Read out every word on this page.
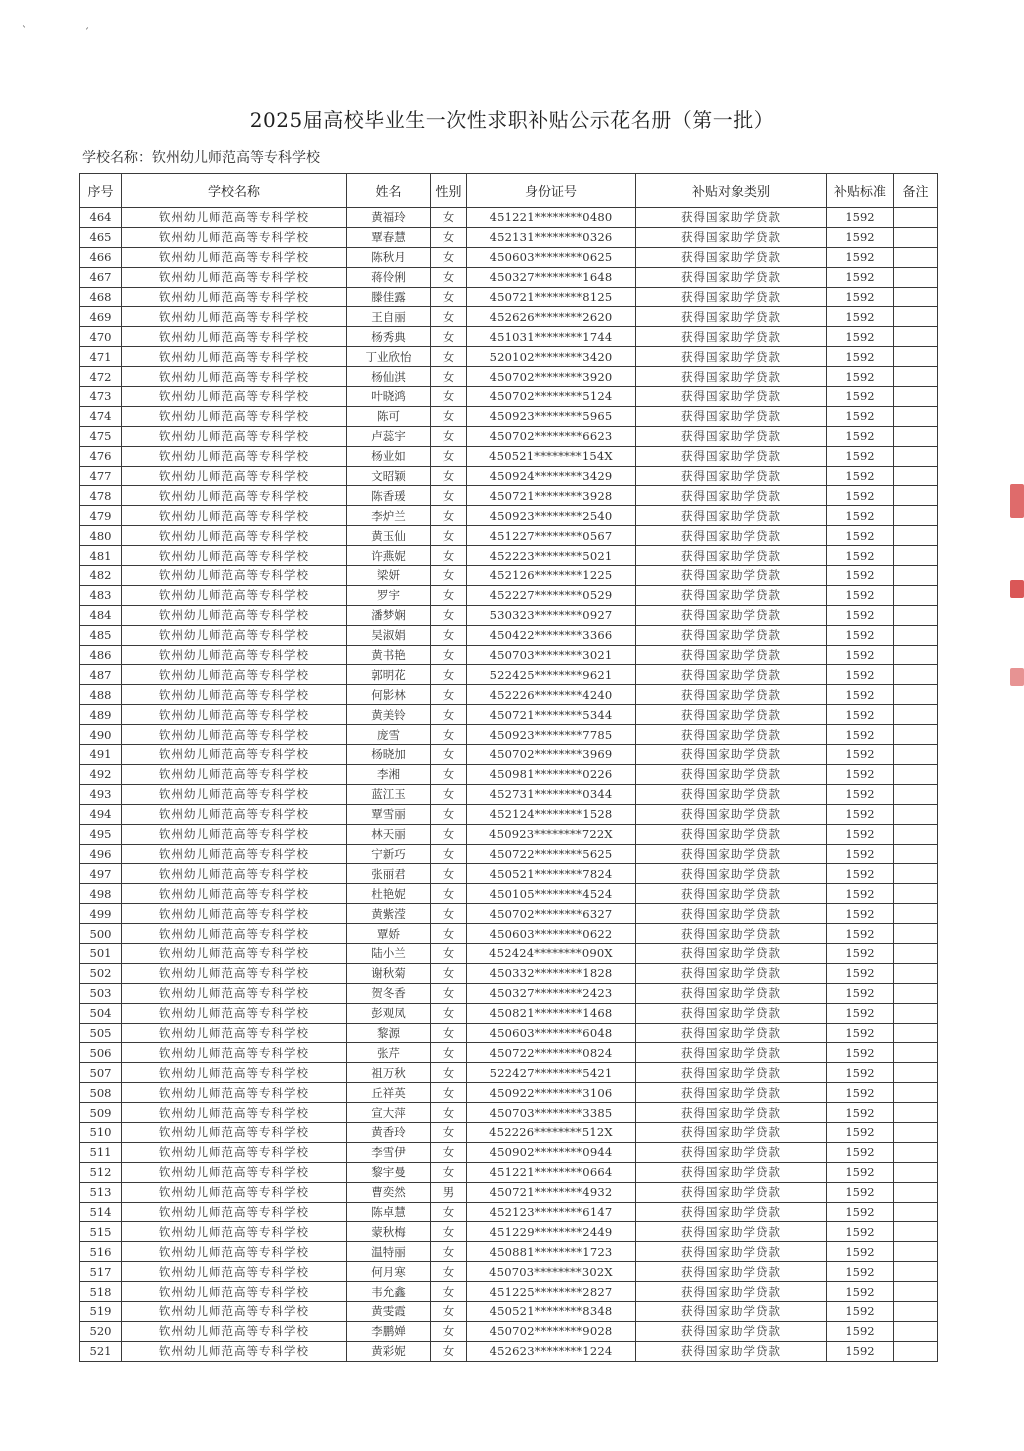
ˋ	ˊ
2025届高校毕业生一次性求职补贴公示花名册（第一批）
学校名称：钦州幼儿师范高等专科学校
序号	学校名称	姓名	性别	身份证号	补贴对象类别	补贴标准	备注
464	钦州幼儿师范高等专科学校	黄福玲	女	451221********0480	获得国家助学贷款	1592	
465	钦州幼儿师范高等专科学校	覃春慧	女	452131********0326	获得国家助学贷款	1592	
466	钦州幼儿师范高等专科学校	陈秋月	女	450603********0625	获得国家助学贷款	1592	
467	钦州幼儿师范高等专科学校	蒋伶俐	女	450327********1648	获得国家助学贷款	1592	
468	钦州幼儿师范高等专科学校	滕佳露	女	450721********8125	获得国家助学贷款	1592	
469	钦州幼儿师范高等专科学校	王自丽	女	452626********2620	获得国家助学贷款	1592	
470	钦州幼儿师范高等专科学校	杨秀典	女	451031********1744	获得国家助学贷款	1592	
471	钦州幼儿师范高等专科学校	丁业欣怡	女	520102********3420	获得国家助学贷款	1592	
472	钦州幼儿师范高等专科学校	杨仙淇	女	450702********3920	获得国家助学贷款	1592	
473	钦州幼儿师范高等专科学校	叶晓鸿	女	450702********5124	获得国家助学贷款	1592	
474	钦州幼儿师范高等专科学校	陈可	女	450923********5965	获得国家助学贷款	1592	
475	钦州幼儿师范高等专科学校	卢蕊宇	女	450702********6623	获得国家助学贷款	1592	
476	钦州幼儿师范高等专科学校	杨业如	女	450521********154X	获得国家助学贷款	1592	
477	钦州幼儿师范高等专科学校	文昭颖	女	450924********3429	获得国家助学贷款	1592	
478	钦州幼儿师范高等专科学校	陈香瑗	女	450721********3928	获得国家助学贷款	1592	
479	钦州幼儿师范高等专科学校	李炉兰	女	450923********2540	获得国家助学贷款	1592	
480	钦州幼儿师范高等专科学校	黄玉仙	女	451227********0567	获得国家助学贷款	1592	
481	钦州幼儿师范高等专科学校	许燕妮	女	452223********5021	获得国家助学贷款	1592	
482	钦州幼儿师范高等专科学校	梁妍	女	452126********1225	获得国家助学贷款	1592	
483	钦州幼儿师范高等专科学校	罗宇	女	452227********0529	获得国家助学贷款	1592	
484	钦州幼儿师范高等专科学校	潘梦娴	女	530323********0927	获得国家助学贷款	1592	
485	钦州幼儿师范高等专科学校	吴淑娟	女	450422********3366	获得国家助学贷款	1592	
486	钦州幼儿师范高等专科学校	黄书艳	女	450703********3021	获得国家助学贷款	1592	
487	钦州幼儿师范高等专科学校	郭明花	女	522425********9621	获得国家助学贷款	1592	
488	钦州幼儿师范高等专科学校	何影林	女	452226********4240	获得国家助学贷款	1592	
489	钦州幼儿师范高等专科学校	黄美铃	女	450721********5344	获得国家助学贷款	1592	
490	钦州幼儿师范高等专科学校	庞雪	女	450923********7785	获得国家助学贷款	1592	
491	钦州幼儿师范高等专科学校	杨晓加	女	450702********3969	获得国家助学贷款	1592	
492	钦州幼儿师范高等专科学校	李湘	女	450981********0226	获得国家助学贷款	1592	
493	钦州幼儿师范高等专科学校	蓝江玉	女	452731********0344	获得国家助学贷款	1592	
494	钦州幼儿师范高等专科学校	覃雪丽	女	452124********1528	获得国家助学贷款	1592	
495	钦州幼儿师范高等专科学校	林天丽	女	450923********722X	获得国家助学贷款	1592	
496	钦州幼儿师范高等专科学校	宁新巧	女	450722********5625	获得国家助学贷款	1592	
497	钦州幼儿师范高等专科学校	张丽君	女	450521********7824	获得国家助学贷款	1592	
498	钦州幼儿师范高等专科学校	杜艳妮	女	450105********4524	获得国家助学贷款	1592	
499	钦州幼儿师范高等专科学校	黄紫滢	女	450702********6327	获得国家助学贷款	1592	
500	钦州幼儿师范高等专科学校	覃娇	女	450603********0622	获得国家助学贷款	1592	
501	钦州幼儿师范高等专科学校	陆小兰	女	452424********090X	获得国家助学贷款	1592	
502	钦州幼儿师范高等专科学校	谢秋菊	女	450332********1828	获得国家助学贷款	1592	
503	钦州幼儿师范高等专科学校	贺冬香	女	450327********2423	获得国家助学贷款	1592	
504	钦州幼儿师范高等专科学校	彭观凤	女	450821********1468	获得国家助学贷款	1592	
505	钦州幼儿师范高等专科学校	黎源	女	450603********6048	获得国家助学贷款	1592	
506	钦州幼儿师范高等专科学校	张芹	女	450722********0824	获得国家助学贷款	1592	
507	钦州幼儿师范高等专科学校	祖万秋	女	522427********5421	获得国家助学贷款	1592	
508	钦州幼儿师范高等专科学校	丘祥英	女	450922********3106	获得国家助学贷款	1592	
509	钦州幼儿师范高等专科学校	宣大萍	女	450703********3385	获得国家助学贷款	1592	
510	钦州幼儿师范高等专科学校	黄香玲	女	452226********512X	获得国家助学贷款	1592	
511	钦州幼儿师范高等专科学校	李雪伊	女	450902********0944	获得国家助学贷款	1592	
512	钦州幼儿师范高等专科学校	黎宇曼	女	451221********0664	获得国家助学贷款	1592	
513	钦州幼儿师范高等专科学校	曹奕然	男	450721********4932	获得国家助学贷款	1592	
514	钦州幼儿师范高等专科学校	陈卓慧	女	452123********6147	获得国家助学贷款	1592	
515	钦州幼儿师范高等专科学校	蒙秋梅	女	451229********2449	获得国家助学贷款	1592	
516	钦州幼儿师范高等专科学校	温特丽	女	450881********1723	获得国家助学贷款	1592	
517	钦州幼儿师范高等专科学校	何月寒	女	450703********302X	获得国家助学贷款	1592	
518	钦州幼儿师范高等专科学校	韦允鑫	女	451225********2827	获得国家助学贷款	1592	
519	钦州幼儿师范高等专科学校	黄雯霞	女	450521********8348	获得国家助学贷款	1592	
520	钦州幼儿师范高等专科学校	李鹏婵	女	450702********9028	获得国家助学贷款	1592	
521	钦州幼儿师范高等专科学校	黄彩妮	女	452623********1224	获得国家助学贷款	1592	
